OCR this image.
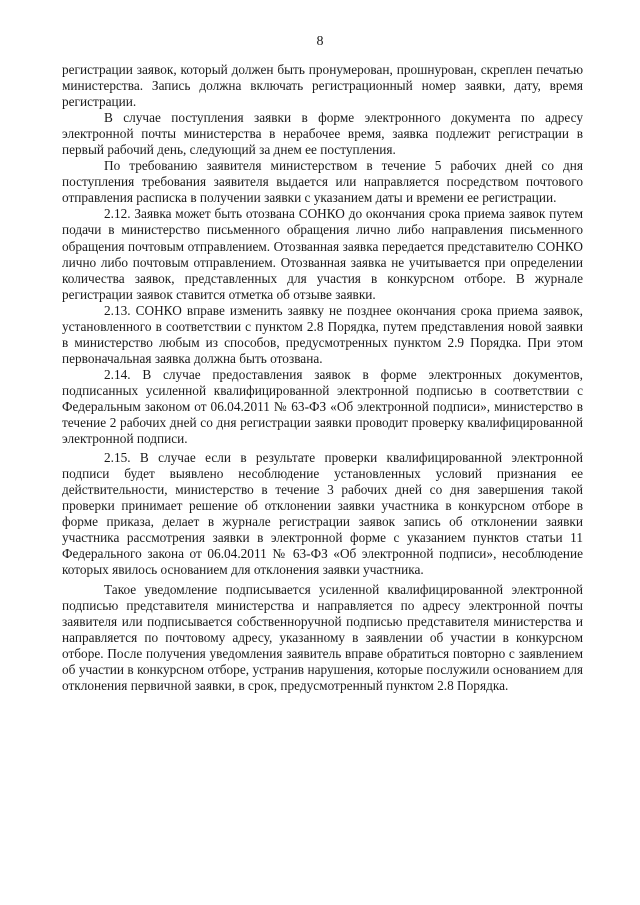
8

регистрации заявок, который должен быть пронумерован, прошнурован, скреплен печатью министерства. Запись должна включать регистрационный номер заявки, дату, время регистрации.

В случае поступления заявки в форме электронного документа по адресу электронной почты министерства в нерабочее время, заявка подлежит регистрации в первый рабочий день, следующий за днем ее поступления.

По требованию заявителя министерством в течение 5 рабочих дней со дня поступления требования заявителя выдается или направляется посредством почтового отправления расписка в получении заявки с указанием даты и времени ее регистрации.

2.12. Заявка может быть отозвана СОНКО до окончания срока приема заявок путем подачи в министерство письменного обращения лично либо направления письменного обращения почтовым отправлением. Отозванная заявка передается представителю СОНКО лично либо почтовым отправлением. Отозванная заявка не учитывается при определении количества заявок, представленных для участия в конкурсном отборе. В журнале регистрации заявок ставится отметка об отзыве заявки.

2.13. СОНКО вправе изменить заявку не позднее окончания срока приема заявок, установленного в соответствии с пунктом 2.8 Порядка, путем представления новой заявки в министерство любым из способов, предусмотренных пунктом 2.9 Порядка. При этом первоначальная заявка должна быть отозвана.

2.14. В случае предоставления заявок в форме электронных документов, подписанных усиленной квалифицированной электронной подписью в соответствии с Федеральным законом от 06.04.2011 № 63-ФЗ «Об электронной подписи», министерство в течение 2 рабочих дней со дня регистрации заявки проводит проверку квалифицированной электронной подписи.

2.15. В случае если в результате проверки квалифицированной электронной подписи будет выявлено несоблюдение установленных условий признания ее действительности, министерство в течение 3 рабочих дней со дня завершения такой проверки принимает решение об отклонении заявки участника в конкурсном отборе в форме приказа, делает в журнале регистрации заявок запись об отклонении заявки участника рассмотрения заявки в электронной форме с указанием пунктов статьи 11 Федерального закона от 06.04.2011 № 63-ФЗ «Об электронной подписи», несоблюдение которых явилось основанием для отклонения заявки участника.

Такое уведомление подписывается усиленной квалифицированной электронной подписью представителя министерства и направляется по адресу электронной почты заявителя или подписывается собственноручной подписью представителя министерства и направляется по почтовому адресу, указанному в заявлении об участии в конкурсном отборе. После получения уведомления заявитель вправе обратиться повторно с заявлением об участии в конкурсном отборе, устранив нарушения, которые послужили основанием для отклонения первичной заявки, в срок, предусмотренный пунктом 2.8 Порядка.
